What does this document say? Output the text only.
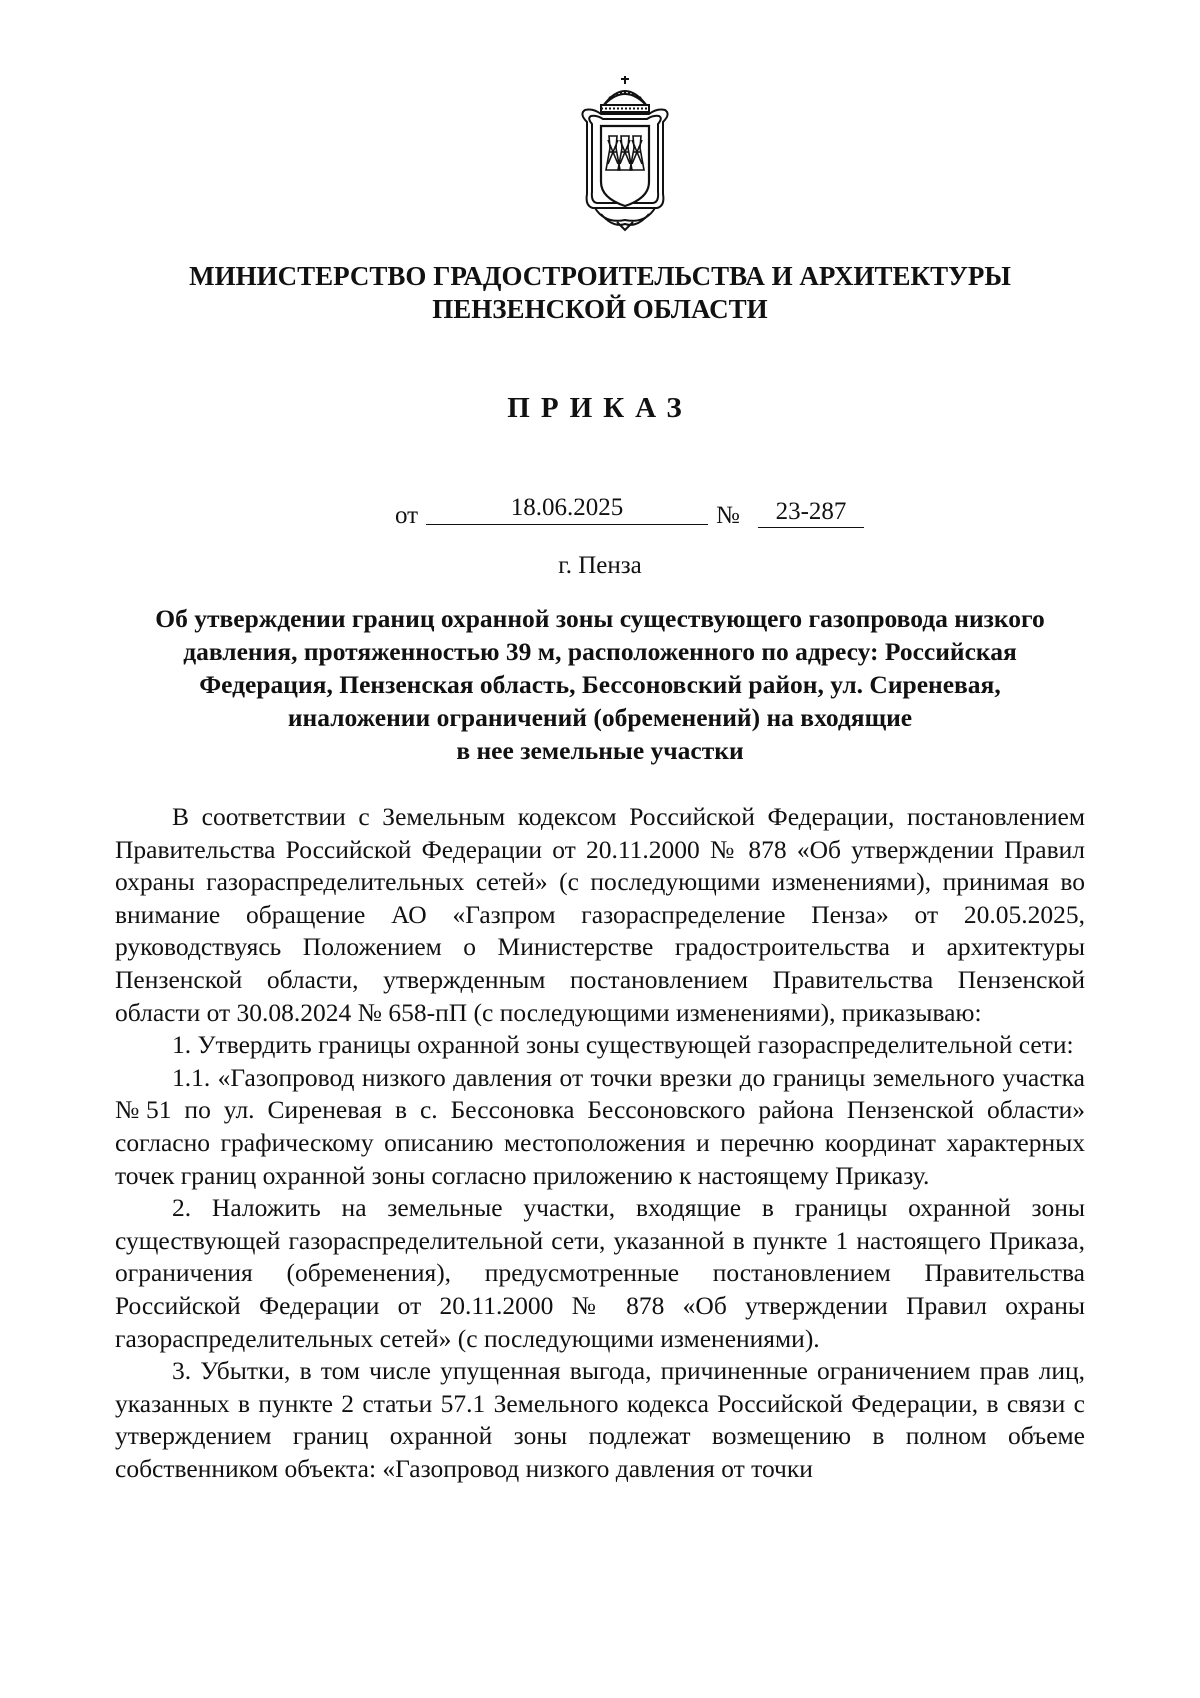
МИНИСТЕРСТВО ГРАДОСТРОИТЕЛЬСТВА И АРХИТЕКТУРЫ
ПЕНЗЕНСКОЙ ОБЛАСТИ
ПРИКАЗ
от	18.06.2025	№	23-287
г. Пенза
Об утверждении границ охранной зоны существующего газопровода низкого
давления, протяженностью 39 м, расположенного по адресу: Российская
Федерация, Пензенская область, Бессоновский район, ул. Сиреневая,
иналожении ограничений (обременений) на входящие
в нее земельные участки

В соответствии с Земельным кодексом Российской Федерации, постановлением Правительства Российской Федерации от 20.11.2000 № 878 «Об утверждении Правил охраны газораспределительных сетей» (с последующими изменениями), принимая во внимание обращение АО «Газпром газораспределение Пенза» от 20.05.2025, руководствуясь Положением о Министерстве градостроительства и архитектуры Пензенской области, утвержденным постановлением Правительства Пензенской области от 30.08.2024 № 658-пП (с последующими изменениями), приказываю:

1. Утвердить границы охранной зоны существующей газораспределительной сети:

1.1. «Газопровод низкого давления от точки врезки до границы земельного участка №51 по ул. Сиреневая в с. Бессоновка Бессоновского района Пензенской области» согласно графическому описанию местоположения и перечню координат характерных точек границ охранной зоны согласно приложению к настоящему Приказу.

2. Наложить на земельные участки, входящие в границы охранной зоны существующей газораспределительной сети, указанной в пункте 1 настоящего Приказа, ограничения (обременения), предусмотренные постановлением Правительства Российской Федерации от 20.11.2000 № 878 «Об утверждении Правил охраны газораспределительных сетей» (с последующими изменениями).

3. Убытки, в том числе упущенная выгода, причиненные ограничением прав лиц, указанных в пункте 2 статьи 57.1 Земельного кодекса Российской Федерации, в связи с утверждением границ охранной зоны подлежат возмещению в полном объеме собственником объекта: «Газопровод низкого давления от точки
